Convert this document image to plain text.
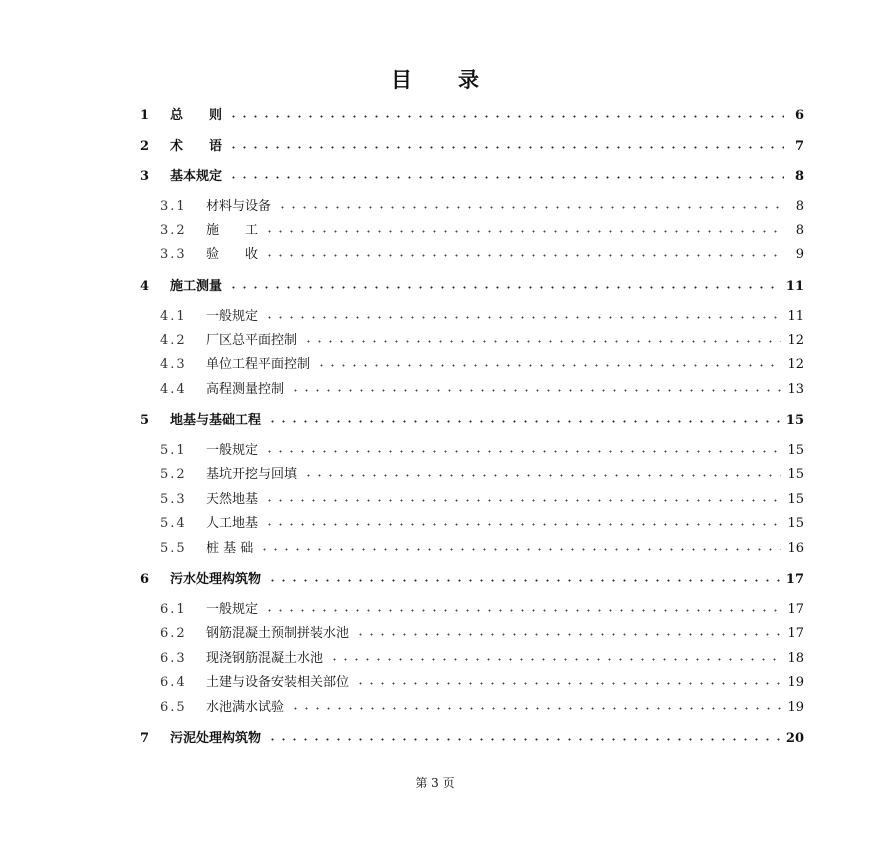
目 录
1	总　　则	6
2	术　　语	7
3	基本规定	8
3.1	材料与设备	8
3.2	施　　工	8
3.3	验　　收	9
4	施工测量	11
4.1	一般规定	11
4.2	厂区总平面控制	12
4.3	单位工程平面控制	12
4.4	高程测量控制	13
5	地基与基础工程	15
5.1	一般规定	15
5.2	基坑开挖与回填	15
5.3	天然地基	15
5.4	人工地基	15
5.5	桩 基 础	16
6	污水处理构筑物	17
6.1	一般规定	17
6.2	钢筋混凝土预制拼装水池	17
6.3	现浇钢筋混凝土水池	18
6.4	土建与设备安装相关部位	19
6.5	水池满水试验	19
7	污泥处理构筑物	20
第 3 页
